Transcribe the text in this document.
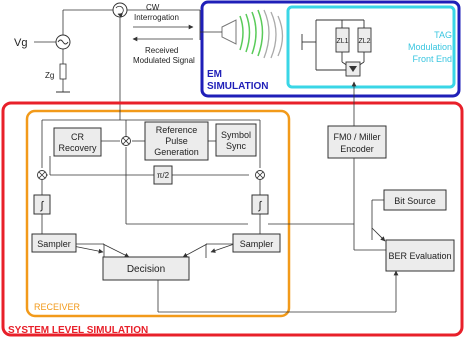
Vg
Zg
CW
Interrogation
Received
Modulated Signal
EM
SIMULATION
ZL1 ZL2
TAG
Modulation
Front End
SYSTEM LEVEL SIMULATION
RECEIVER
CR
Recovery
Reference
Pulse
Generation
Symbol
Sync
π/2
∫	∫
Sampler	Sampler
Decision
FM0 / Miller
Encoder
Bit Source
BER Evaluation
